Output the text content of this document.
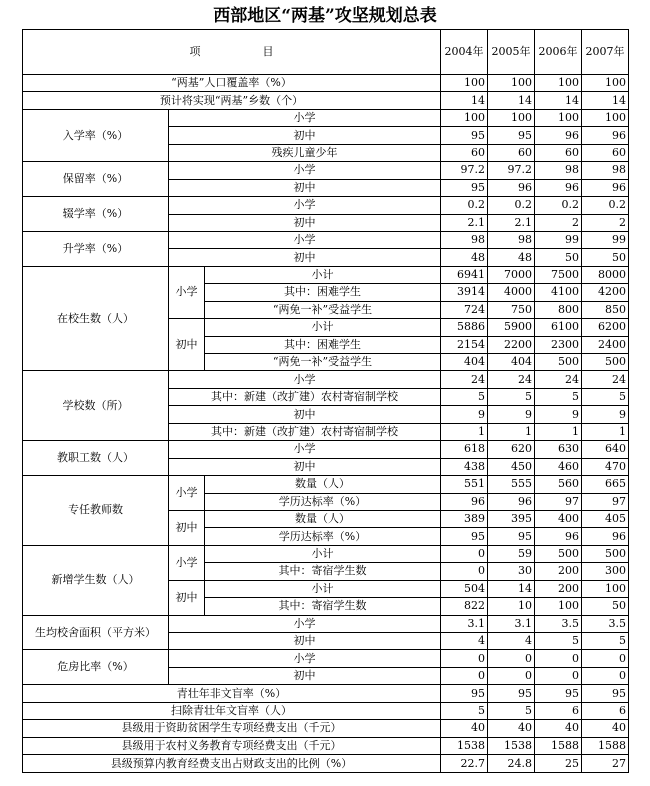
西部地区“两基”攻坚规划总表
项 目			2004年	2005年	2006年	2007年
“两基”人口覆盖率（%）			100	100	100	100
预计将实现“两基”乡数（个）			14	14	14	14
入学率（%）	小学		100	100	100	100
	初中		95	95	96	96
	残疾儿童少年		60	60	60	60
保留率（%）	小学		97.2	97.2	98	98
	初中		95	96	96	96
辍学率（%）	小学		0.2	0.2	0.2	0.2
	初中		2.1	2.1	2	2
升学率（%）	小学		98	98	99	99
	初中		48	48	50	50
在校生数（人）	小学	小计	6941	7000	7500	8000
		其中：困难学生	3914	4000	4100	4200
		“两免一补”受益学生	724	750	800	850
	初中	小计	5886	5900	6100	6200
		其中：困难学生	2154	2200	2300	2400
		“两免一补”受益学生	404	404	500	500
学校数（所）	小学		24	24	24	24
	其中：新建（改扩建）农村寄宿制学校		5	5	5	5
	初中		9	9	9	9
	其中：新建（改扩建）农村寄宿制学校		1	1	1	1
教职工数（人）	小学		618	620	630	640
	初中		438	450	460	470
专任教师数	小学	数量（人）	551	555	560	665
		学历达标率（%）	96	96	97	97
	初中	数量（人）	389	395	400	405
		学历达标率（%）	95	95	96	96
新增学生数（人）	小学	小计	0	59	500	500
		其中：寄宿学生数	0	30	200	300
	初中	小计	504	14	200	100
		其中：寄宿学生数	822	10	100	50
生均校舍面积（平方米）	小学		3.1	3.1	3.5	3.5
	初中		4	4	5	5
危房比率（%）	小学		0	0	0	0
	初中		0	0	0	0
青壮年非文盲率（%）			95	95	95	95
扫除青壮年文盲率（人）			5	5	6	6
县级用于资助贫困学生专项经费支出（千元）			40	40	40	40
县级用于农村义务教育专项经费支出（千元）			1538	1538	1588	1588
县级预算内教育经费支出占财政支出的比例（%）			22.7	24.8	25	27
